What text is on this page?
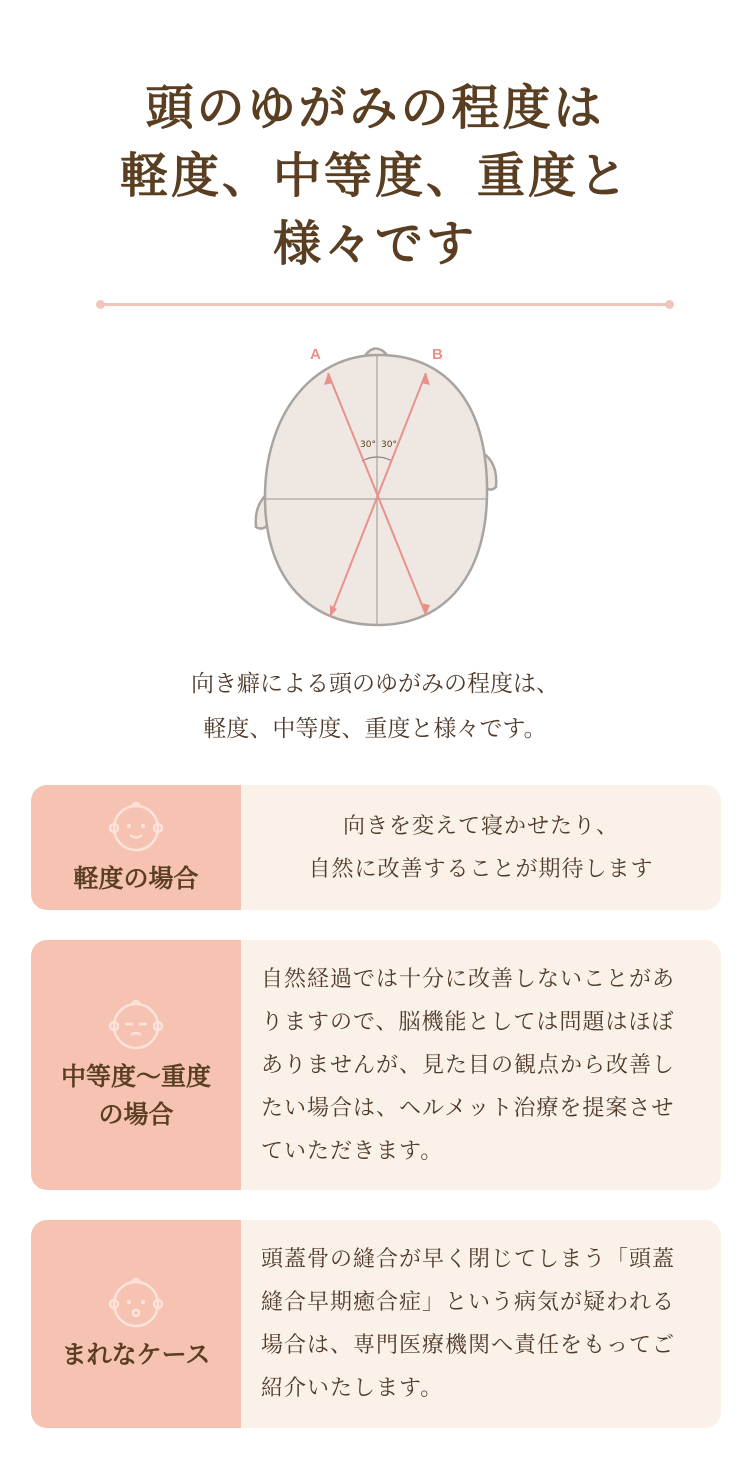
頭のゆがみの程度は
軽度、中等度、重度と
様々です
A	B
30° 30°
向き癖による頭のゆがみの程度は、
軽度、中等度、重度と様々です。
軽度の場合
向きを変えて寝かせたり、
自然に改善することが期待します
中等度〜重度
の場合
自然経過では十分に改善しないことがあ
りますので、脳機能としては問題はほぼ
ありませんが、見た目の観点から改善し
たい場合は、ヘルメット治療を提案させ
ていただきます。
まれなケース
頭蓋骨の縫合が早く閉じてしまう「頭蓋
縫合早期癒合症」という病気が疑われる
場合は、専門医療機関へ責任をもってご
紹介いたします。
